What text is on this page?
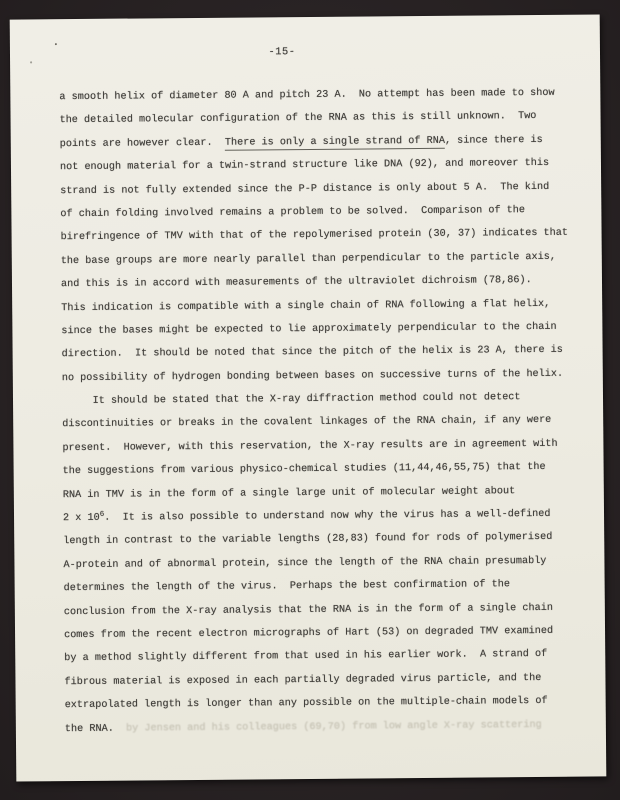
-15-
a smooth helix of diameter 80 A and pitch 23 A.  No attempt has been made to show
the detailed molecular configuration of the RNA as this is still unknown.  Two
points are however clear.  There is only a single strand of RNA, since there is
not enough material for a twin-strand structure like DNA (92), and moreover this
strand is not fully extended since the P-P distance is only about 5 A.  The kind
of chain folding involved remains a problem to be solved.  Comparison of the
birefringence of TMV with that of the repolymerised protein (30, 37) indicates that
the base groups are more nearly parallel than perpendicular to the particle axis,
and this is in accord with measurements of the ultraviolet dichroism (78,86).
This indication is compatible with a single chain of RNA following a flat helix,
since the bases might be expected to lie approximately perpendicular to the chain
direction.  It should be noted that since the pitch of the helix is 23 A, there is
no possibility of hydrogen bonding between bases on successive turns of the helix.
It should be stated that the X-ray diffraction method could not detect
discontinuities or breaks in the covalent linkages of the RNA chain, if any were
present.  However, with this reservation, the X-ray results are in agreement with
the suggestions from various physico-chemical studies (11,44,46,55,75) that the
RNA in TMV is in the form of a single large unit of molecular weight about
2 x $10^6$.  It is also possible to understand now why the virus has a well-defined
length in contrast to the variable lengths (28,83) found for rods of polymerised
A-protein and of abnormal protein, since the length of the RNA chain presumably
determines the length of the virus.  Perhaps the best confirmation of the
conclusion from the X-ray analysis that the RNA is in the form of a single chain
comes from the recent electron micrographs of Hart (53) on degraded TMV examined
by a method slightly different from that used in his earlier work.  A strand of
fibrous material is exposed in each partially degraded virus particle, and the
extrapolated length is longer than any possible on the multiple-chain models of
the RNA.  by Jensen and his colleagues (69,70) from low angle X-ray scattering
